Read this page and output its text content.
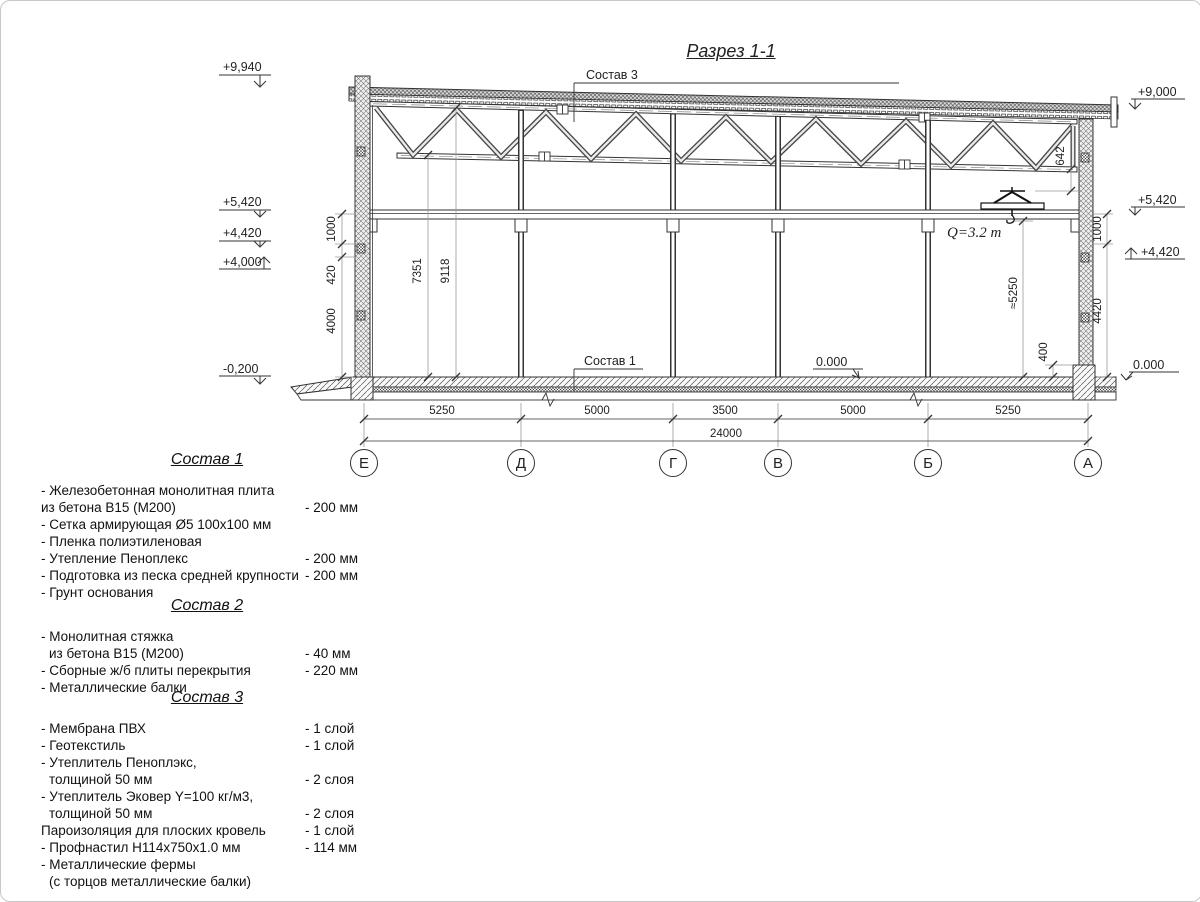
Разрез 1-1
5250	5000	3500	5000	5250
24000
Е	Д	Г	В	Б	А
1000
420
4000
7351 9118
642
≈5250
1000
4420
400
+9,940
+5,420
+4,420
+4,000
-0,200
+9,000
+5,420
+4,420
0.000
0.000
Состав 3
Состав 1
Q=3.2 т
Состав 1
- Железобетонная монолитная плита
из бетона В15 (М200)	- 200 мм
- Сетка армирующая Ø5 100х100 мм
- Пленка полиэтиленовая
- Утепление Пеноплекс	- 200 мм
- Подготовка из песка средней крупности - 200 мм
- Грунт основания
Состав 2
- Монолитная стяжка
из бетона В15 (М200)	- 40 мм
- Сборные ж/б плиты перекрытия	- 220 мм
- Металлические балки
Состав 3
- Мембрана ПВХ	- 1 слой
- Геотекстиль	- 1 слой
- Утеплитель Пеноплэкс,
толщиной 50 мм	- 2 слоя
- Утеплитель Эковер Y=100 кг/м3,
толщиной 50 мм	- 2 слоя
Пароизоляция для плоских кровель	- 1 слой
- Профнастил Н114х750х1.0 мм	- 114 мм
- Металлические фермы
(с торцов металлические балки)
